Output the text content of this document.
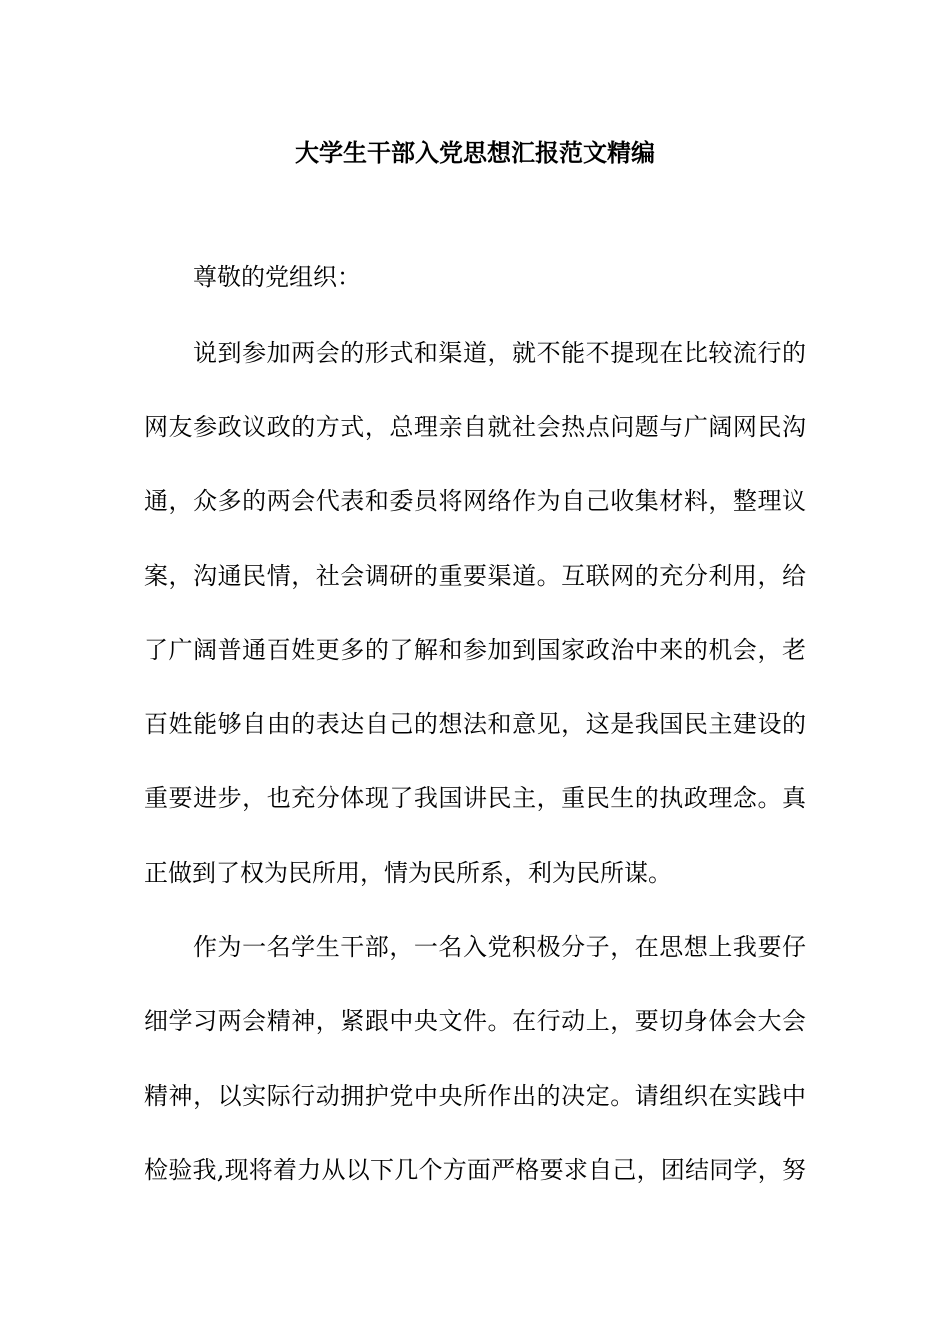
大学生干部入党思想汇报范文精编

尊敬的党组织：

说到参加两会的形式和渠道，就不能不提现在比较流行的

网友参政议政的方式，总理亲自就社会热点问题与广阔网民沟

通，众多的两会代表和委员将网络作为自己收集材料，整理议

案，沟通民情，社会调研的重要渠道。互联网的充分利用，给

了广阔普通百姓更多的了解和参加到国家政治中来的机会，老

百姓能够自由的表达自己的想法和意见，这是我国民主建设的

重要进步，也充分体现了我国讲民主，重民生的执政理念。真

正做到了权为民所用，情为民所系，利为民所谋。

作为一名学生干部，一名入党积极分子，在思想上我要仔

细学习两会精神，紧跟中央文件。在行动上，要切身体会大会

精神，以实际行动拥护党中央所作出的决定。请组织在实践中

检验我,现将着力从以下几个方面严格要求自己，团结同学，努
